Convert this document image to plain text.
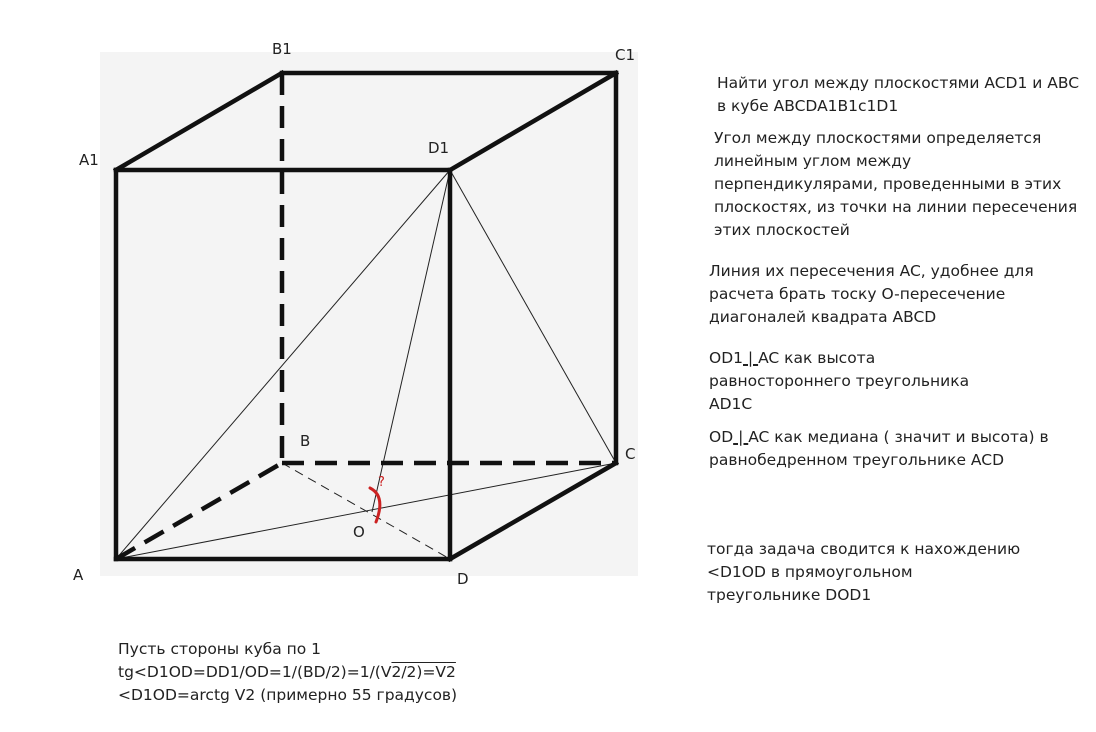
B1	C1
A1
D1
B
C
O
A	D
?
Найти угол между плоскостями ACD1 и ABC
в кубе ABCDA1B1c1D1
Угол между плоскостями определяется
линейным углом между
перпендикулярами, проведенными в этих
плоскостях, из точки на линии пересечения
этих плоскостей
Линия их пересечения AC, удобнее для
расчета брать тоску O-пересечение
диагоналей квадрата ABCD
OD1 | AC как высота
равностороннего треугольника
AD1C
OD | AC как медиана ( значит и высота) в
равнобедренном треугольнике ACD
тогда задача сводится к нахождению
<D1OD в прямоугольном
треугольнике DOD1
Пусть стороны куба по 1
tg<D1OD=DD1/OD=1/(BD/2)=1/(V2/2)=V2
<D1OD=arctg V2 (примерно 55 градусов)
